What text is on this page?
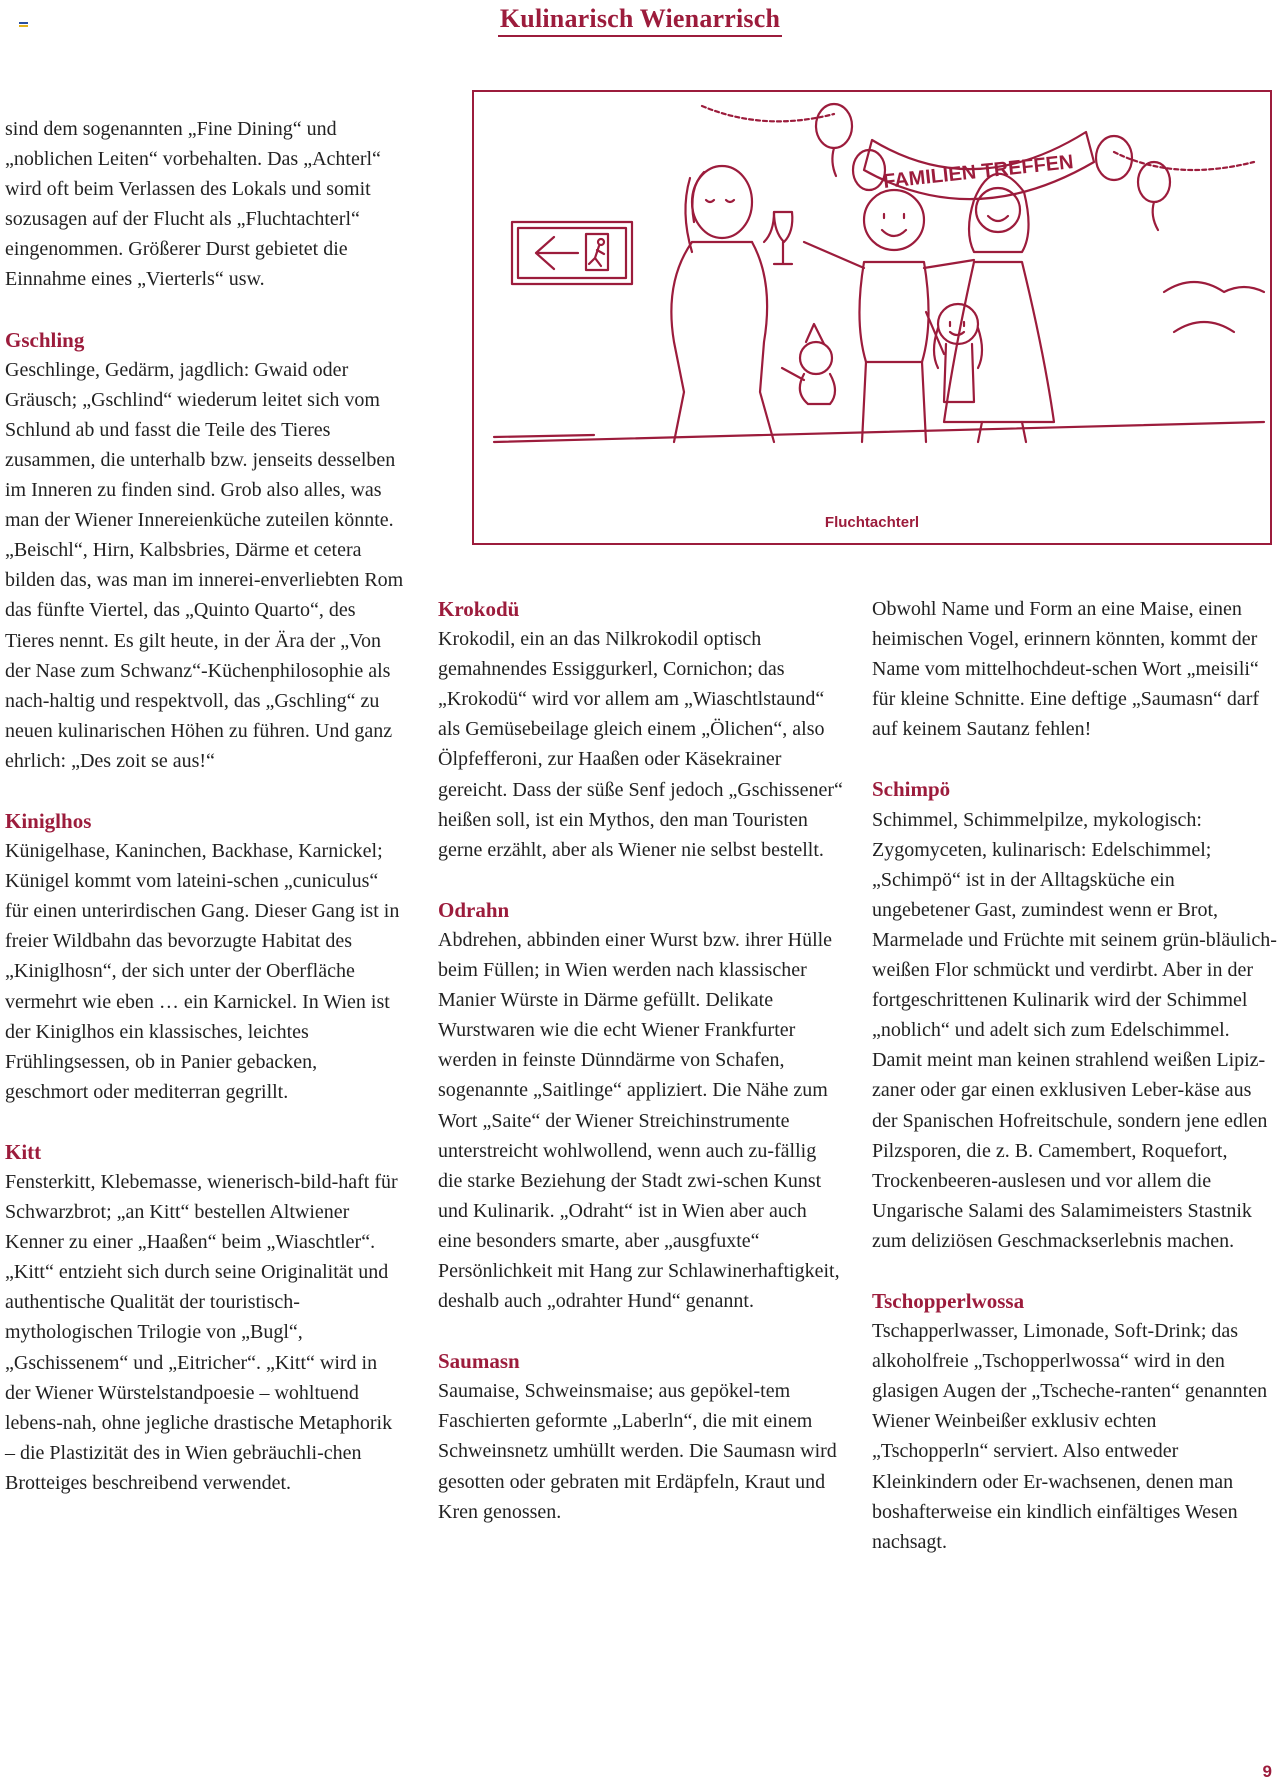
Kulinarisch Wienarrisch

sind dem sogenannten „Fine Dining“ und „noblichen Leiten“ vorbehalten. Das „Achterl“ wird oft beim Verlassen des Lokals und somit sozusagen auf der Flucht als „Fluchtachterl“ eingenommen. Größerer Durst gebietet die Einnahme eines „Vierterls“ usw.

Gschling

Geschlinge, Gedärm, jagdlich: Gwaid oder Gräusch; „Gschlind“ wiederum leitet sich vom Schlund ab und fasst die Teile des Tieres zusammen, die unterhalb bzw. jenseits desselben im Inneren zu finden sind. Grob also alles, was man der Wiener Innereienküche zuteilen könnte. „Beischl“, Hirn, Kalbsbries, Därme et cetera bilden das, was man im innerei-enverliebten Rom das fünfte Viertel, das „Quinto Quarto“, des Tieres nennt. Es gilt heute, in der Ära der „Von der Nase zum Schwanz“-Küchenphilosophie als nach-haltig und respektvoll, das „Gschling“ zu neuen kulinarischen Höhen zu führen. Und ganz ehrlich: „Des zoit se aus!“

Kiniglhos

Künigelhase, Kaninchen, Backhase, Karnickel; Künigel kommt vom lateini-schen „cuniculus“ für einen unterirdischen Gang. Dieser Gang ist in freier Wildbahn das bevorzugte Habitat des „Kiniglhosn“, der sich unter der Oberfläche vermehrt wie eben … ein Karnickel. In Wien ist der Kiniglhos ein klassisches, leichtes Frühlingsessen, ob in Panier gebacken, geschmort oder mediterran gegrillt.

Kitt

Fensterkitt, Klebemasse, wienerisch-bild-haft für Schwarzbrot; „an Kitt“ bestellen Altwiener Kenner zu einer „Haaßen“ beim „Wiaschtler“. „Kitt“ entzieht sich durch seine Originalität und authentische Qualität der touristisch-mythologischen Trilogie von „Bugl“, „Gschissenem“ und „Eitricher“. „Kitt“ wird in der Wiener Würstelstandpoesie – wohltuend lebens-nah, ohne jegliche drastische Metaphorik – die Plastizität des in Wien gebräuchli-chen Brotteiges beschreibend verwendet.

FAMILIEN TREFFEN
Fluchtachterl
Krokodü

Krokodil, ein an das Nilkrokodil optisch gemahnendes Essiggurkerl, Cornichon; das „Krokodü“ wird vor allem am „Wiaschtlstaund“ als Gemüsebeilage gleich einem „Ölichen“, also Ölpfefferoni, zur Haaßen oder Käsekrainer gereicht. Dass der süße Senf jedoch „Gschissener“ heißen soll, ist ein Mythos, den man Touristen gerne erzählt, aber als Wiener nie selbst bestellt.

Odrahn

Abdrehen, abbinden einer Wurst bzw. ihrer Hülle beim Füllen; in Wien werden nach klassischer Manier Würste in Därme gefüllt. Delikate Wurstwaren wie die echt Wiener Frankfurter werden in feinste Dünndärme von Schafen, sogenannte „Saitlinge“ appliziert. Die Nähe zum Wort „Saite“ der Wiener Streichinstrumente unterstreicht wohlwollend, wenn auch zu-fällig die starke Beziehung der Stadt zwi-schen Kunst und Kulinarik. „Odraht“ ist in Wien aber auch eine besonders smarte, aber „ausgfuxte“ Persönlichkeit mit Hang zur Schlawinerhaftigkeit, deshalb auch „odrahter Hund“ genannt.

Saumasn

Saumaise, Schweinsmaise; aus gepökel-tem Faschierten geformte „Laberln“, die mit einem Schweinsnetz umhüllt werden. Die Saumasn wird gesotten oder gebraten mit Erdäpfeln, Kraut und Kren genossen.

Obwohl Name und Form an eine Maise, einen heimischen Vogel, erinnern könnten, kommt der Name vom mittelhochdeut-schen Wort „meisili“ für kleine Schnitte. Eine deftige „Saumasn“ darf auf keinem Sautanz fehlen!

Schimpö

Schimmel, Schimmelpilze, mykologisch: Zygomyceten, kulinarisch: Edelschimmel; „Schimpö“ ist in der Alltagsküche ein ungebetener Gast, zumindest wenn er Brot, Marmelade und Früchte mit seinem grün-bläulich-weißen Flor schmückt und verdirbt. Aber in der fortgeschrittenen Kulinarik wird der Schimmel „noblich“ und adelt sich zum Edelschimmel. Damit meint man keinen strahlend weißen Lipiz-zaner oder gar einen exklusiven Leber-käse aus der Spanischen Hofreitschule, sondern jene edlen Pilzsporen, die z. B. Camembert, Roquefort, Trockenbeeren-auslesen und vor allem die Ungarische Salami des Salamimeisters Stastnik zum deliziösen Geschmackserlebnis machen.

Tschopperlwossa

Tschapperlwasser, Limonade, Soft-Drink; das alkoholfreie „Tschopperlwossa“ wird in den glasigen Augen der „Tscheche-ranten“ genannten Wiener Weinbeißer exklusiv echten „Tschopperln“ serviert. Also entweder Kleinkindern oder Er-wachsenen, denen man boshafterweise ein kindlich einfältiges Wesen nachsagt.

9
